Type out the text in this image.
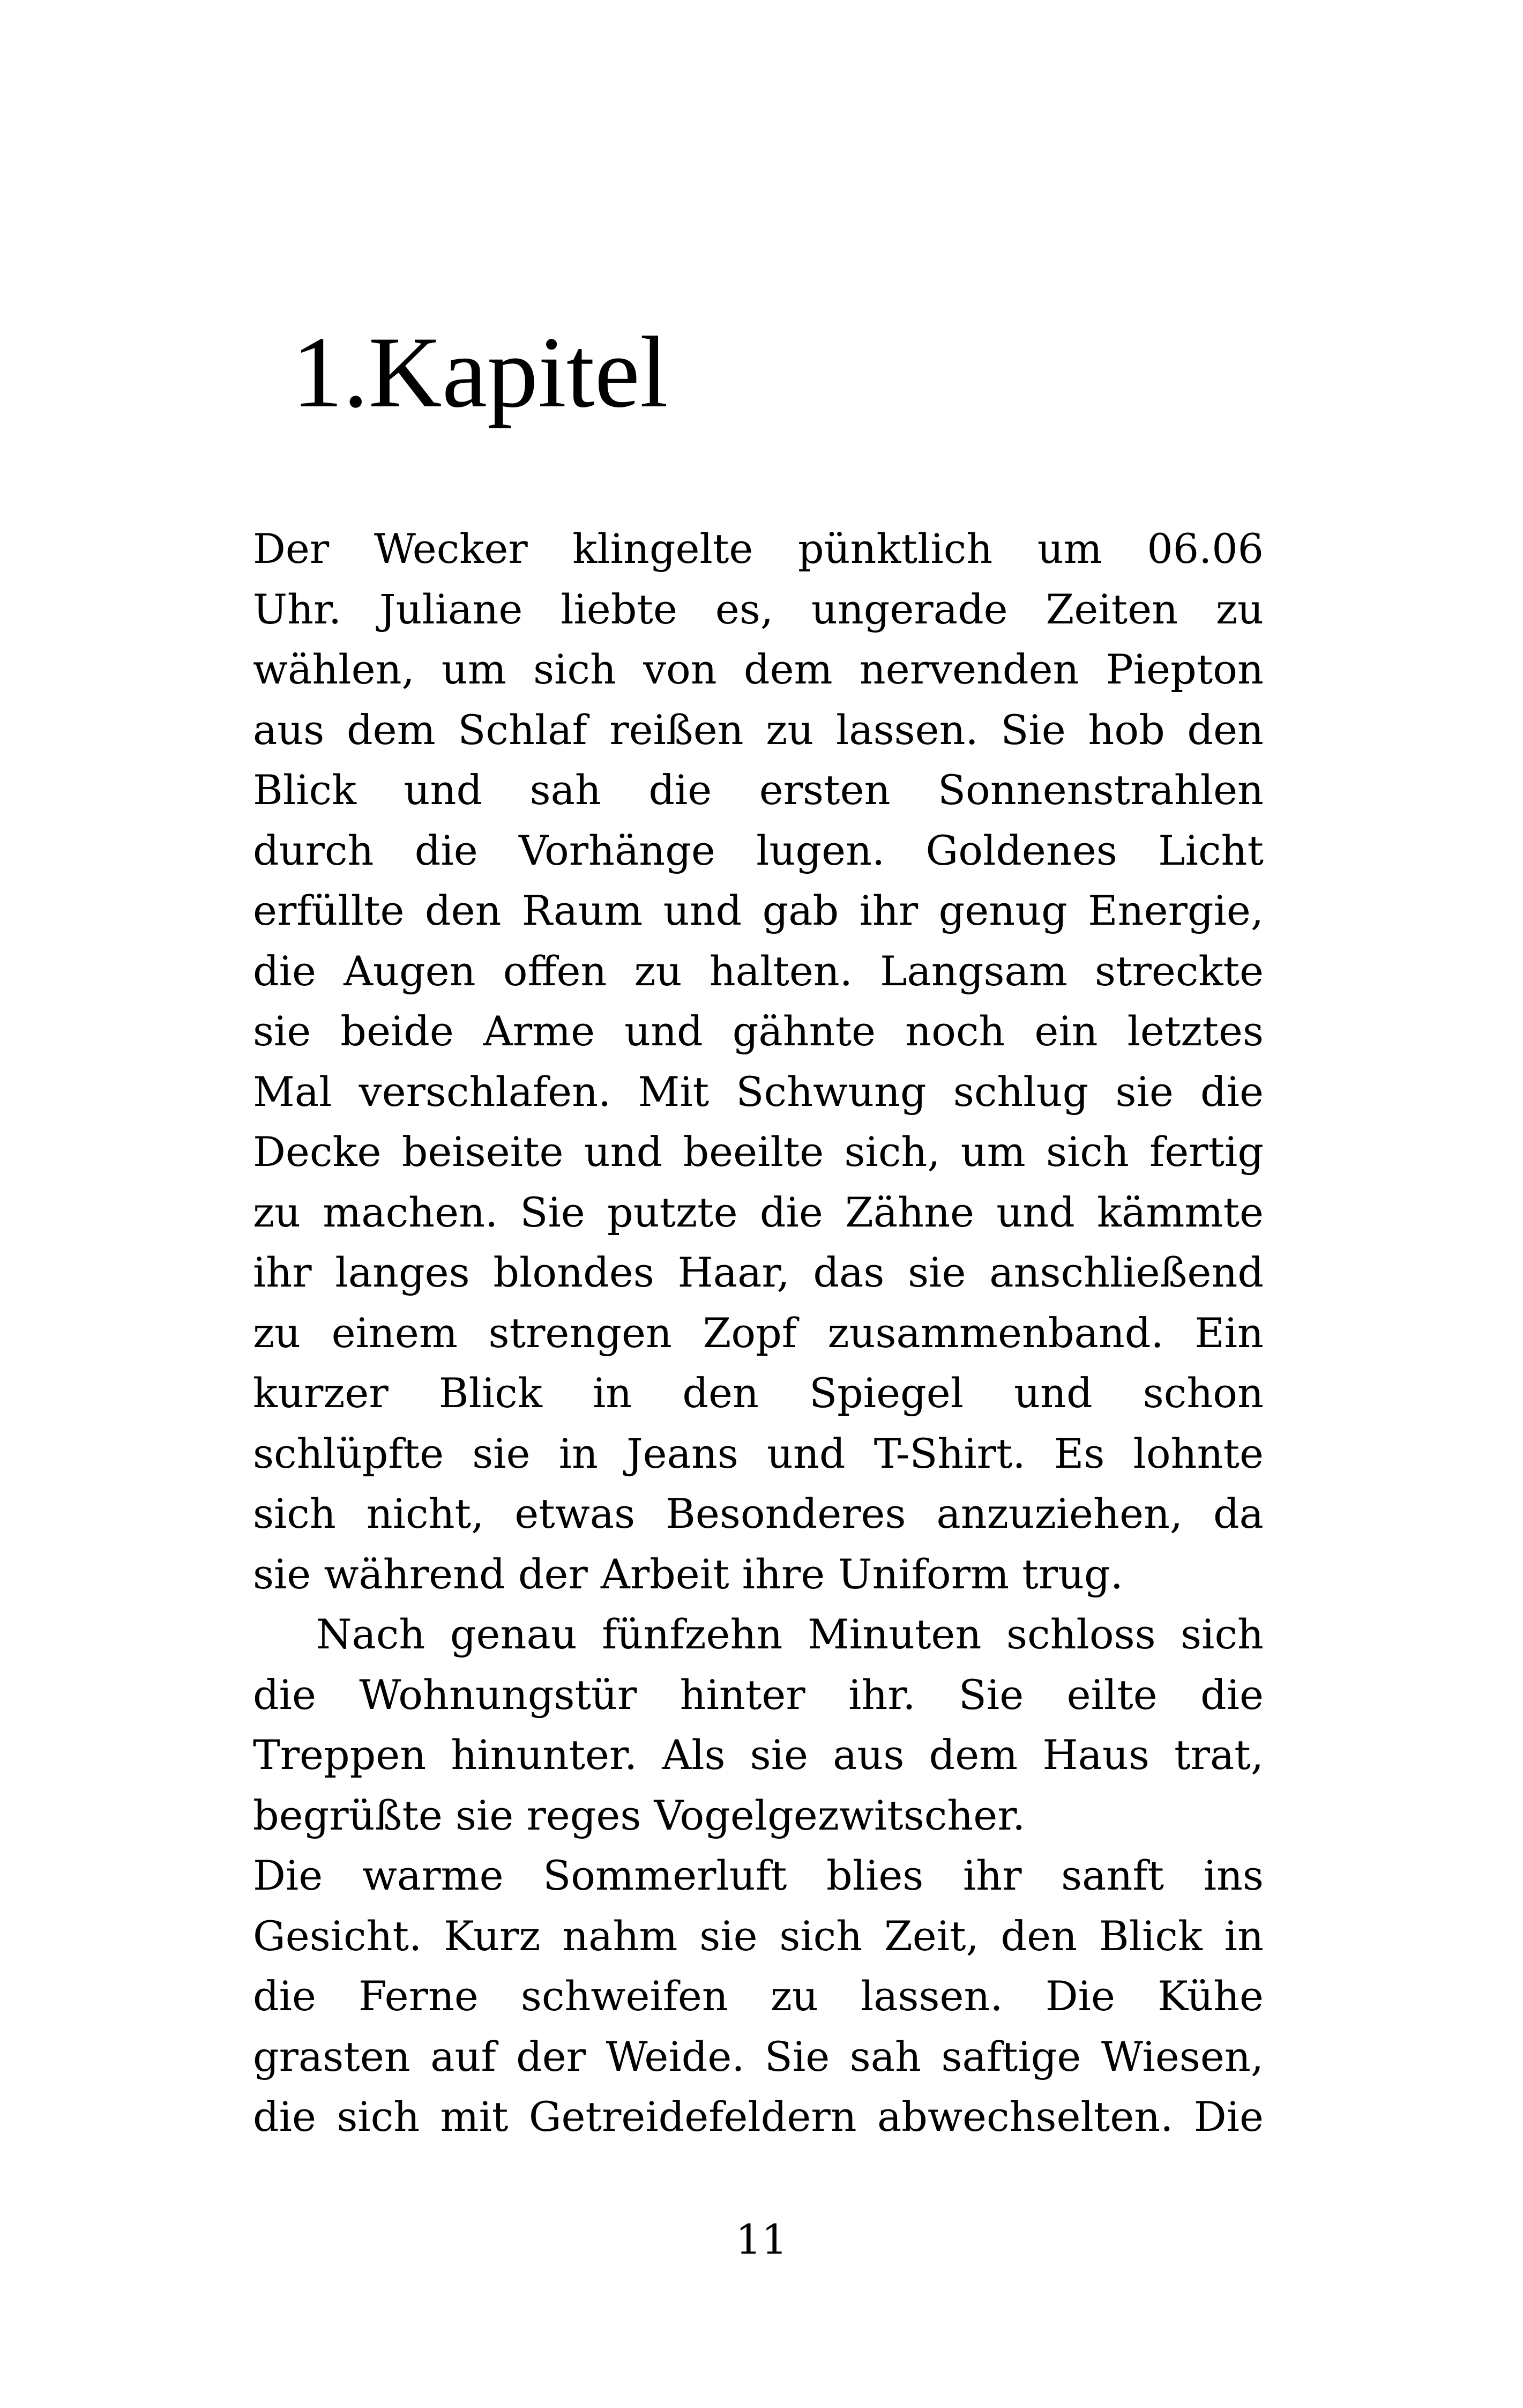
1.Kapitel
Der Wecker klingelte pünktlich um 06.06
Uhr. Juliane liebte es, ungerade Zeiten zu
wählen, um sich von dem nervenden Piepton
aus dem Schlaf reißen zu lassen. Sie hob den
Blick und sah die ersten Sonnenstrahlen
durch die Vorhänge lugen. Goldenes Licht
erfüllte den Raum und gab ihr genug Energie,
die Augen offen zu halten. Langsam streckte
sie beide Arme und gähnte noch ein letztes
Mal verschlafen. Mit Schwung schlug sie die
Decke beiseite und beeilte sich, um sich fertig
zu machen. Sie putzte die Zähne und kämmte
ihr langes blondes Haar, das sie anschließend
zu einem strengen Zopf zusammenband. Ein
kurzer Blick in den Spiegel und schon
schlüpfte sie in Jeans und T-Shirt. Es lohnte
sich nicht, etwas Besonderes anzuziehen, da
sie während der Arbeit ihre Uniform trug.
Nach genau fünfzehn Minuten schloss sich
die Wohnungstür hinter ihr. Sie eilte die
Treppen hinunter. Als sie aus dem Haus trat,
begrüßte sie reges Vogelgezwitscher.
Die warme Sommerluft blies ihr sanft ins
Gesicht. Kurz nahm sie sich Zeit, den Blick in
die Ferne schweifen zu lassen. Die Kühe
grasten auf der Weide. Sie sah saftige Wiesen,
die sich mit Getreidefeldern abwechselten. Die
11
